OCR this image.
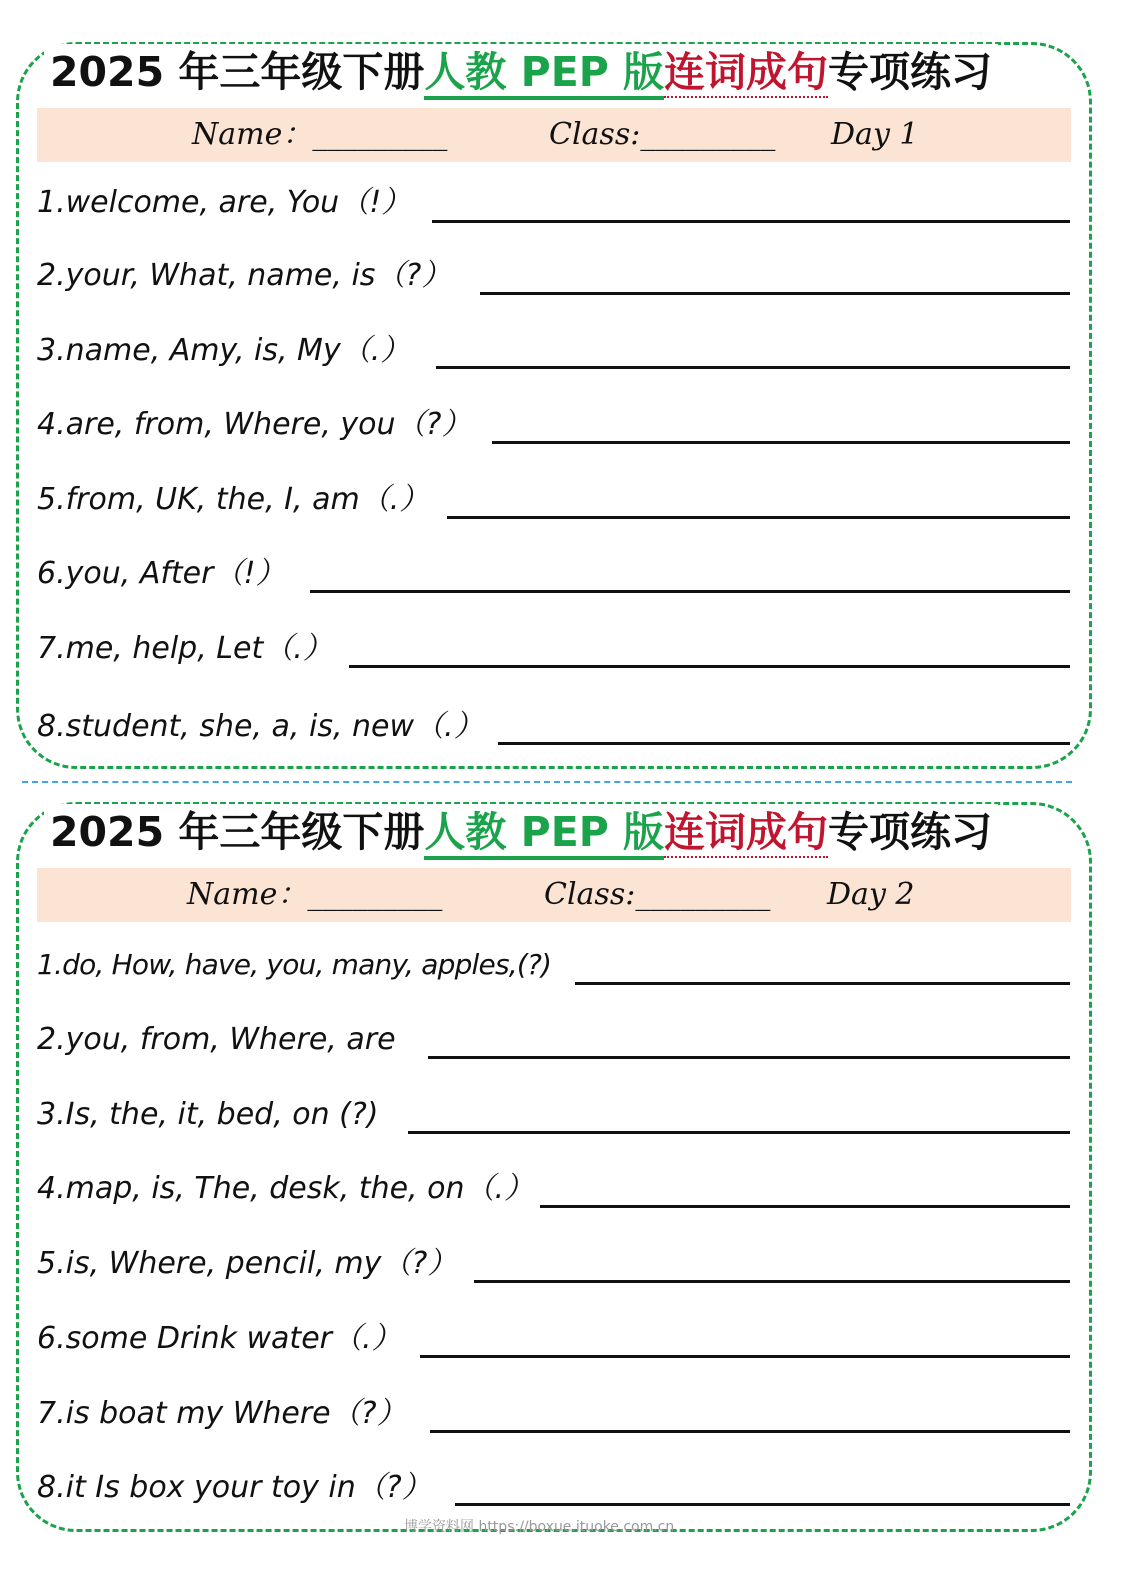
2025 年三年级下册人教 PEP 版连词成句专项练习
Name：_________	Class:_________ Day 1
1.welcome, are, You（!）
2.your, What, name, is（?）
3.name, Amy, is, My（.）
4.are, from, Where, you（?）
5.from, UK, the, I, am（.）
6.you, After（!）
7.me, help, Let（.）
8.student, she, a, is, new（.）
2025 年三年级下册人教 PEP 版连词成句专项练习
Name：_________	Class:_________ Day 2
1.do, How, have, you, many, apples,(?)
2.you, from, Where, are
3.Is, the, it, bed, on (?)
4.map, is, The, desk, the, on（.）
5.is, Where, pencil, my（?）
6.some Drink water（.）
7.is boat my Where（?）
8.it Is box your toy in（?）
博学资料网 https://boxue.ituoke.com.cn
